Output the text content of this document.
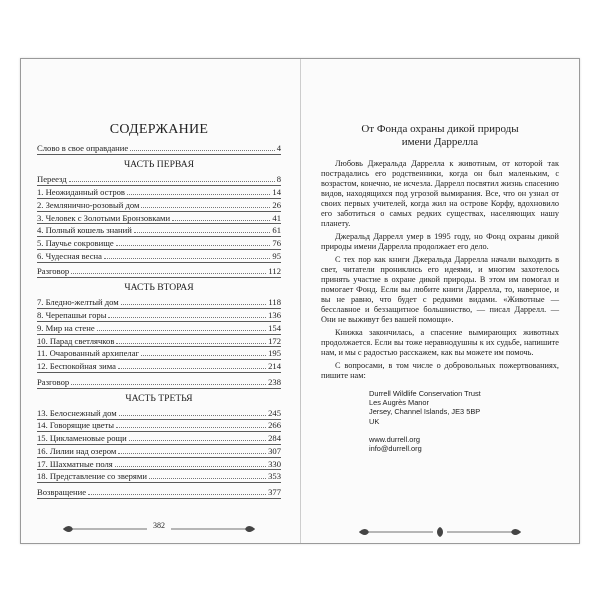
СОДЕРЖАНИЕ
Слово в свое оправдание	4
ЧАСТЬ ПЕРВАЯ
Переезд	8
1. Неожиданный остров	14
2. Землянично-розовый дом	26
3. Человек с Золотыми Бронзовками	41
4. Полный кошель знаний	61
5. Паучье сокровище	76
6. Чудесная весна	95
Разговор	112
ЧАСТЬ ВТОРАЯ
7. Бледно-желтый дом	118
8. Черепашьи горы	136
9. Мир на стене	154
10. Парад светлячков	172
11. Очарованный архипелаг	195
12. Беспокойная зима	214
Разговор	238
ЧАСТЬ ТРЕТЬЯ
13. Белоснежный дом	245
14. Говорящие цветы	266
15. Цикламеновые рощи	284
16. Лилии над озером	307
17. Шахматные поля	330
18. Представление со зверями	353
Возвращение	377
382
От Фонда охраны дикой природы
имени Даррелла

Любовь Джеральда Даррелла к животным, от которой так пострадались его родственники, когда он был маленьким, с возрастом, конечно, не исчезла. Даррелл посвятил жизнь спасению видов, находящихся под угрозой вымирания. Все, что он узнал от своих первых учителей, когда жил на острове Корфу, вдохновило его заботиться о самых редких существах, населяющих нашу планету.

Джеральд Даррелл умер в 1995 году, но Фонд охраны дикой природы имени Даррелла продолжает его дело.

С тех пор как книги Джеральда Даррелла начали выходить в свет, читатели прониклись его идеями, и многим захотелось принять участие в охране дикой природы. В этом им помогал и помогает Фонд. Если вы любите книги Даррелла, то, наверное, и вы не равно, что будет с редкими видами. «Животные — бесславное и беззащитное большинство, — писал Даррелл. — Они не выживут без вашей помощи».

Книжка закончилась, а спасение вымирающих животных продолжается. Если вы тоже неравнодушны к их судьбе, напишите нам, и мы с радостью расскажем, как вы можете им помочь.

С вопросами, в том числе о добровольных пожертвованиях, пишите нам:

Durrell Wildlife Conservation Trust
Les Augrès Manor
Jersey, Channel Islands, JE3 5BP
UK
www.durrell.org
info@durrell.org
